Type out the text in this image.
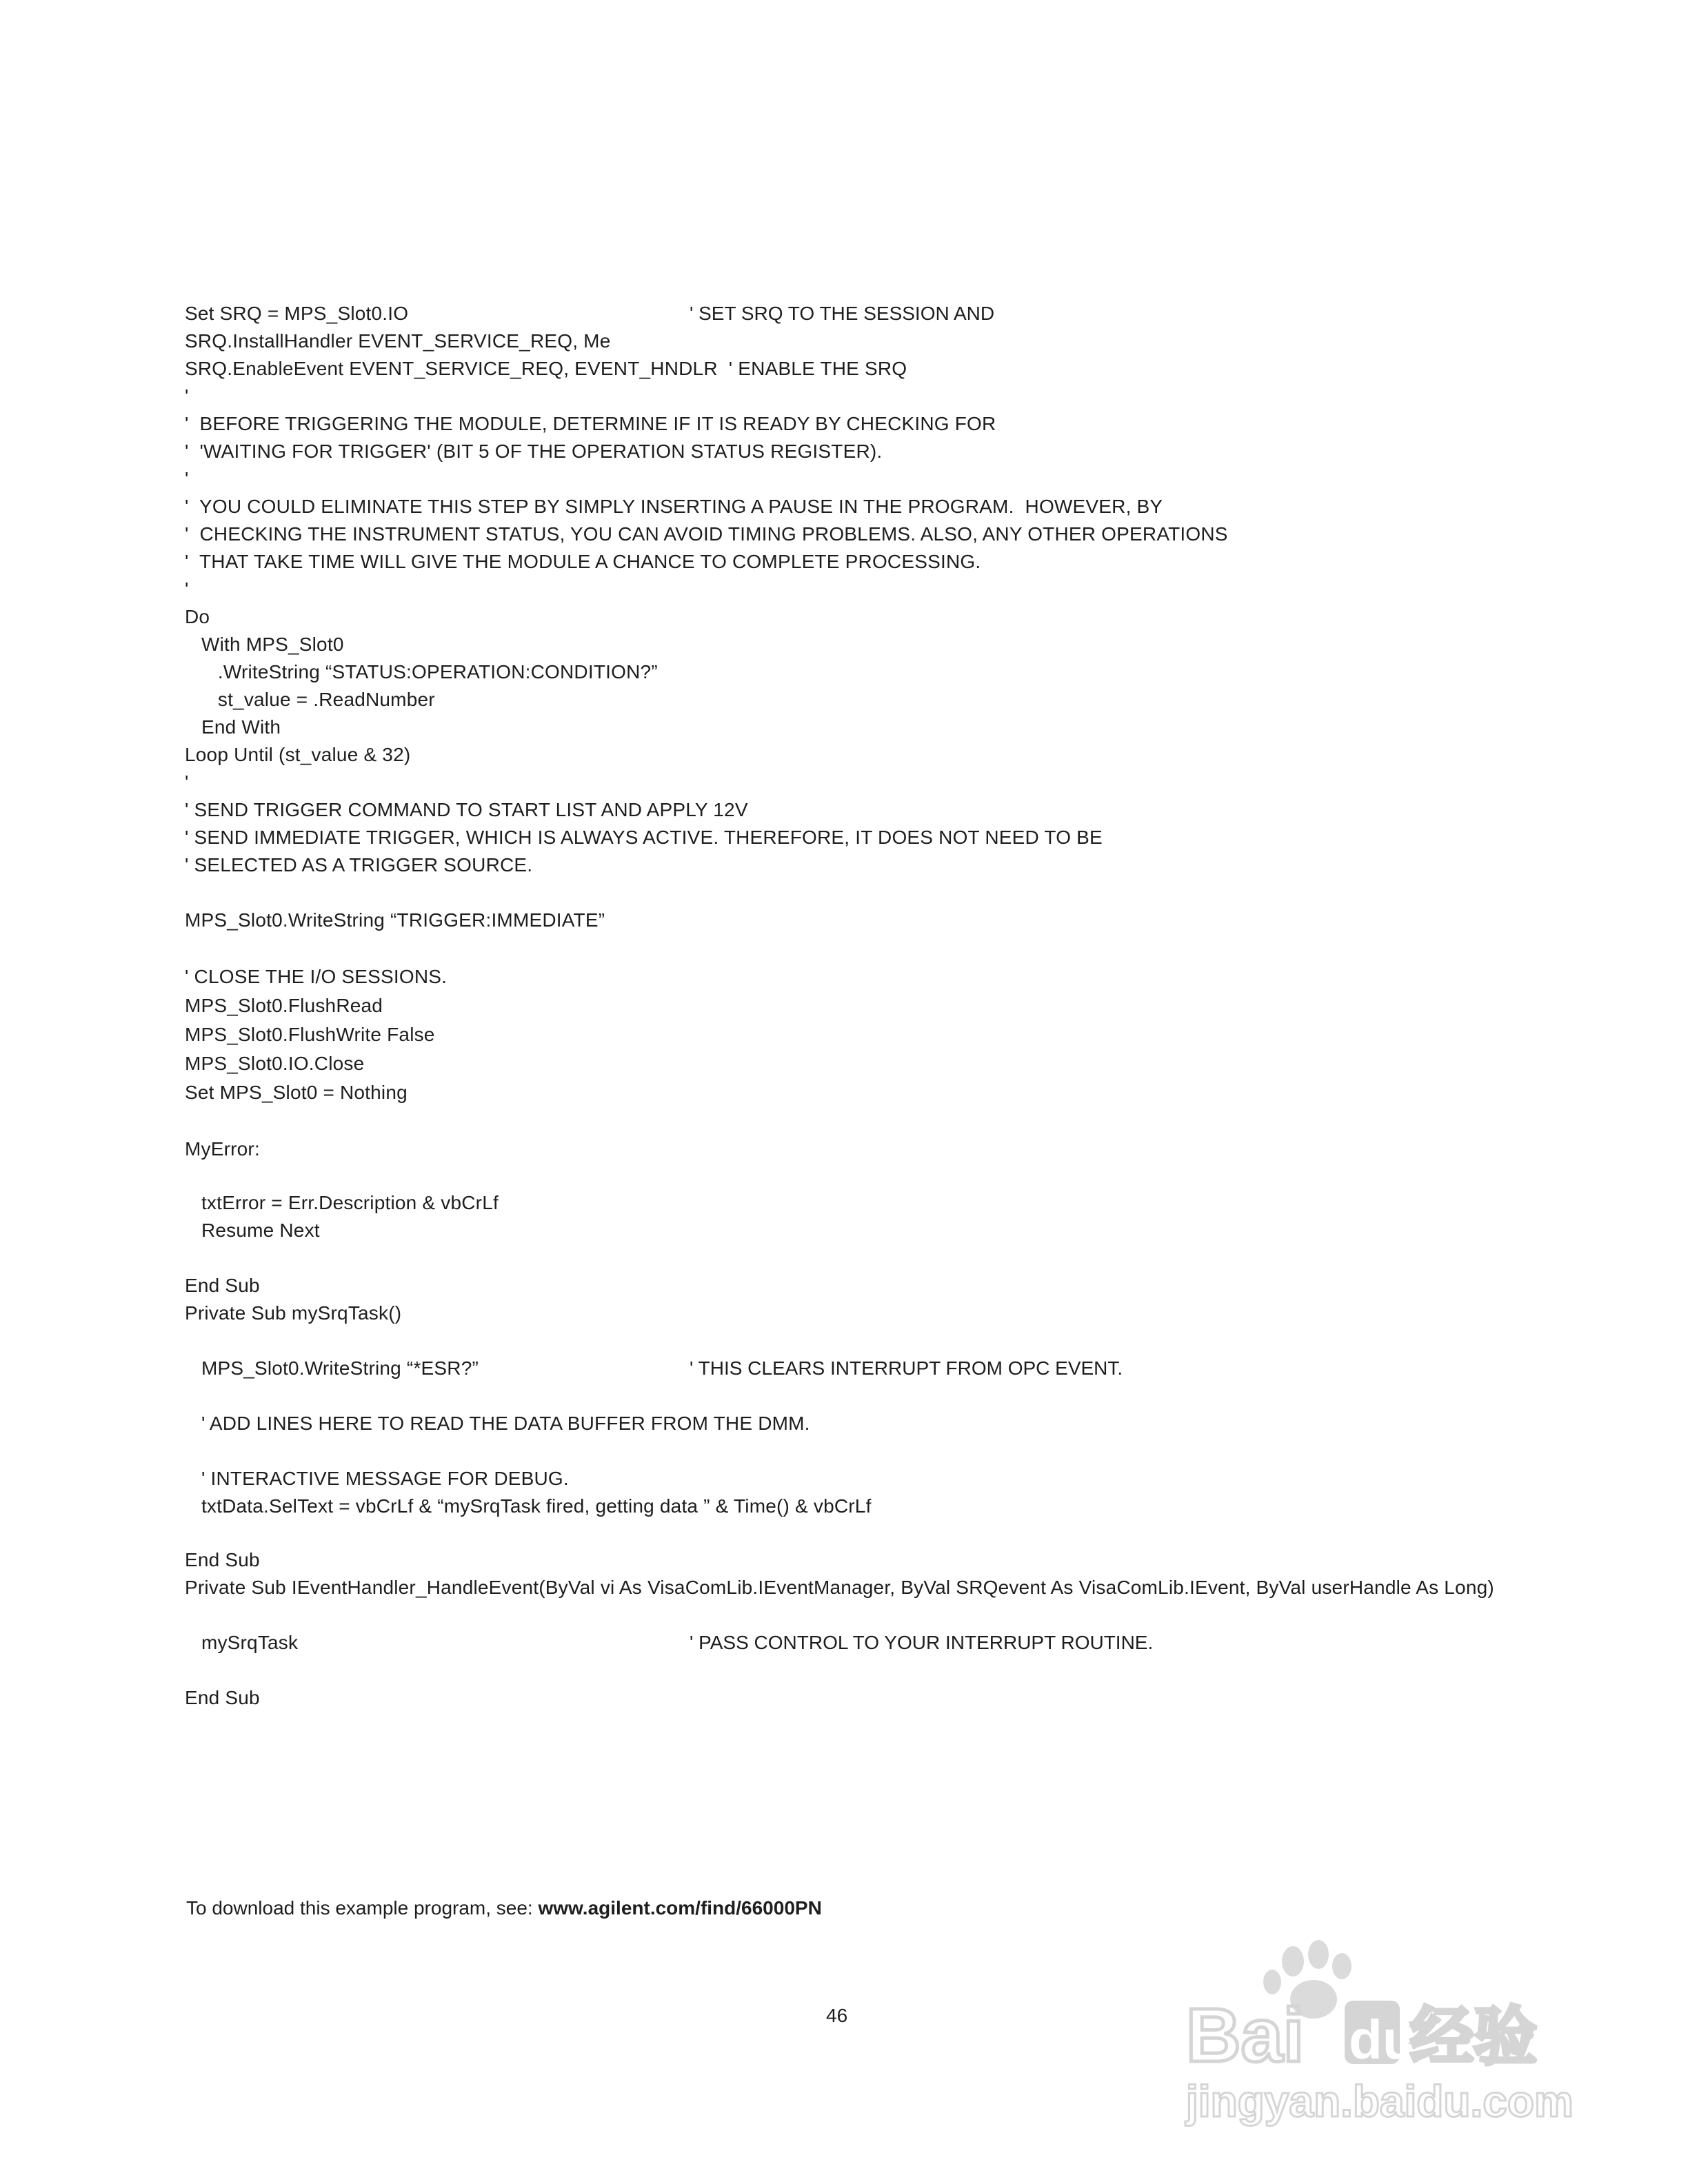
Set SRQ = MPS_Slot0.IO	' SET SRQ TO THE SESSION AND
SRQ.InstallHandler EVENT_SERVICE_REQ, Me
SRQ.EnableEvent EVENT_SERVICE_REQ, EVENT_HNDLR  ' ENABLE THE SRQ
'
'  BEFORE TRIGGERING THE MODULE, DETERMINE IF IT IS READY BY CHECKING FOR
'  'WAITING FOR TRIGGER' (BIT 5 OF THE OPERATION STATUS REGISTER).
'
'  YOU COULD ELIMINATE THIS STEP BY SIMPLY INSERTING A PAUSE IN THE PROGRAM.  HOWEVER, BY
'  CHECKING THE INSTRUMENT STATUS, YOU CAN AVOID TIMING PROBLEMS. ALSO, ANY OTHER OPERATIONS
'  THAT TAKE TIME WILL GIVE THE MODULE A CHANCE TO COMPLETE PROCESSING.
'
Do
With MPS_Slot0
.WriteString “STATUS:OPERATION:CONDITION?”
st_value = .ReadNumber
End With
Loop Until (st_value & 32)
'
' SEND TRIGGER COMMAND TO START LIST AND APPLY 12V
' SEND IMMEDIATE TRIGGER, WHICH IS ALWAYS ACTIVE. THEREFORE, IT DOES NOT NEED TO BE
' SELECTED AS A TRIGGER SOURCE.
MPS_Slot0.WriteString “TRIGGER:IMMEDIATE”
' CLOSE THE I/O SESSIONS.
MPS_Slot0.FlushRead
MPS_Slot0.FlushWrite False
MPS_Slot0.IO.Close
Set MPS_Slot0 = Nothing
MyError:
txtError = Err.Description & vbCrLf
Resume Next
End Sub
Private Sub mySrqTask()
MPS_Slot0.WriteString “*ESR?”	' THIS CLEARS INTERRUPT FROM OPC EVENT.
' ADD LINES HERE TO READ THE DATA BUFFER FROM THE DMM.
' INTERACTIVE MESSAGE FOR DEBUG.
txtData.SelText = vbCrLf & “mySrqTask fired, getting data ” & Time() & vbCrLf
End Sub
Private Sub IEventHandler_HandleEvent(ByVal vi As VisaComLib.IEventManager, ByVal SRQevent As VisaComLib.IEvent, ByVal userHandle As Long)
mySrqTask	' PASS CONTROL TO YOUR INTERRUPT ROUTINE.
End Sub
To download this example program, see: www.agilent.com/find/66000PN
46	Bai du
经验
jingyan.baidu.com
